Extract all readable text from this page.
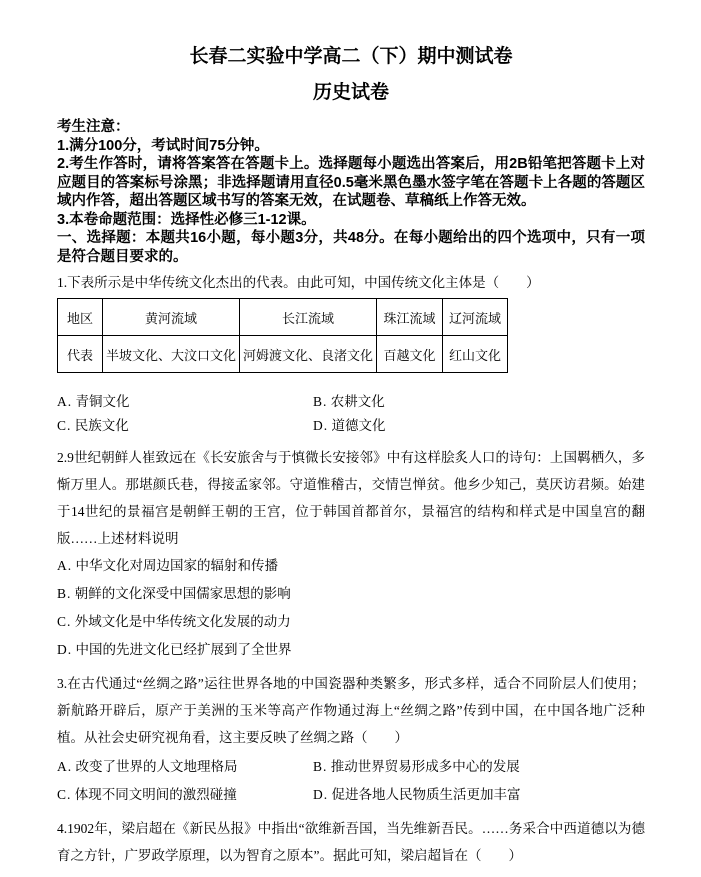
长春二实验中学高二（下）期中测试卷
历史试卷

考生注意：

1.满分100分，考试时间75分钟。

2.考生作答时，请将答案答在答题卡上。选择题每小题选出答案后，用2B铅笔把答题卡上对应题目的答案标号涂黑；非选择题请用直径0.5毫米黑色墨水签字笔在答题卡上各题的答题区域内作答，超出答题区域书写的答案无效，在试题卷、草稿纸上作答无效。

3.本卷命题范围：选择性必修三1-12课。

一、选择题：本题共16小题，每小题3分，共48分。在每小题给出的四个选项中，只有一项是符合题目要求的。

1.下表所示是中华传统文化杰出的代表。由此可知，中国传统文化主体是（　　）

地区	黄河流域	长江流域	珠江流域	辽河流域
代表	半坡文化、大汶口文化	河姆渡文化、良渚文化	百越文化	红山文化
A. 青铜文化	B. 农耕文化
C. 民族文化	D. 道德文化

2.9世纪朝鲜人崔致远在《长安旅舍与于慎微长安接邻》中有这样脍炙人口的诗句：上国羁栖久，多惭万里人。那堪颜氏巷，得接孟家邻。守道惟稽古，交情岂惮贫。他乡少知己，莫厌访君频。始建于14世纪的景福宫是朝鲜王朝的王宫，位于韩国首都首尔，景福宫的结构和样式是中国皇宫的翻版……上述材料说明

A. 中华文化对周边国家的辐射和传播
B. 朝鲜的文化深受中国儒家思想的影响
C. 外域文化是中华传统文化发展的动力
D. 中国的先进文化已经扩展到了全世界

3.在古代通过“丝绸之路”运往世界各地的中国瓷器种类繁多，形式多样，适合不同阶层人们使用；新航路开辟后，原产于美洲的玉米等高产作物通过海上“丝绸之路”传到中国，在中国各地广泛种植。从社会史研究视角看，这主要反映了丝绸之路（　　）

A. 改变了世界的人文地理格局	B. 推动世界贸易形成多中心的发展
C. 体现不同文明间的激烈碰撞	D. 促进各地人民物质生活更加丰富

4.1902年，梁启超在《新民丛报》中指出“欲维新吾国，当先维新吾民。……务采合中西道德以为德育之方针，广罗政学原理，以为智育之原本”。据此可知，梁启超旨在（　　）
